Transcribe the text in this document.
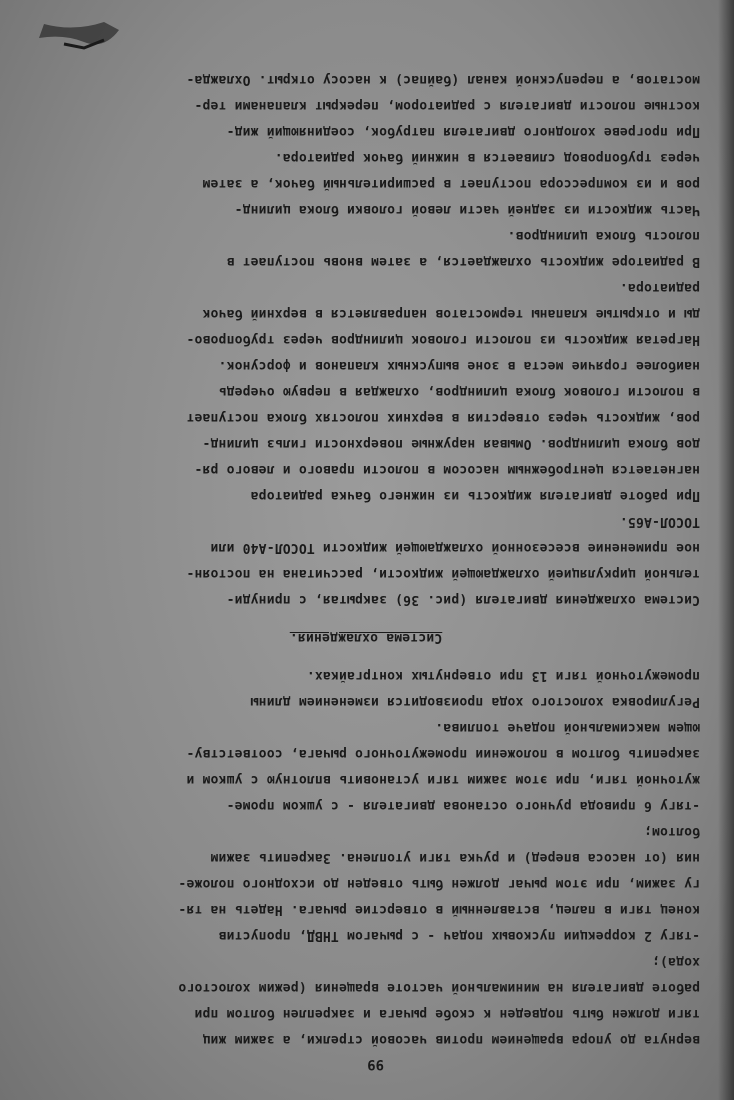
99
вернута до упора вращением против часовой стрелки, а зажим жиц
тяги должен быть подведен к скобе рычага и закреплен болтом при
работе двигателя на минимальной частоте вращения (режим холостого
хода);
-тягу 2 коррекции пусковых подач - с рычагом ТНВД, пропустив
конец тяги в палец, вставленный в отверстие рычага. Надеть на тя-
гу зажим, при этом рычаг должен быть отведен до исходного положе-
ния (от насоса вперед) и ручка тяги утоплена. Закрепить зажим
болтом;
-тягу 6 привода ручного останова двигателя - с ушком проме-
жуточной тяги, при этом зажим тяги установить вплотную с ушком и
закрепить болтом в положении промежуточного рычага, соответству-
ющем максимальной подаче топлива.
Регулировка холостого хода производится изменением длины
промежуточной тяги 13 при отвернутых контргайках.
Система охлаждения.
Система охлаждения двигателя (рис. 36) закрытая, с принуди-
тельной циркуляцией охлаждающей жидкости, рассчитана на постоян-
ное применение всесезонной охлаждающей жидкости ТОСОЛ-А40 или
ТОСОЛ-А65.
При работе двигателя жидкость из нижнего бачка радиатора
нагнетается центробежным насосом в полости правого и левого ря-
дов блока цилиндров. Омывая наружные поверхности гильз цилинд-
ров, жидкость через отверстия в верхних полостях блока поступает
в полости головок блока цилиндров, охлаждая в первую очередь
наиболее горячие места в зоне выпускных клапанов и форсунок.
Нагретая жидкость из полости головок цилиндров через трубопрово-
ды и открытые клапаны термостатов направляется в верхний бачок
радиатора.
В радиаторе жидкость охлаждается, а затем вновь поступает в
полость блока цилиндров.
Часть жидкости из задней части левой головки блока цилинд-
ров и из компрессора поступает в расширительный бачок, а затем
через трубопровод сливается в нижний бачок радиатора.
При прогреве холодного двигателя патрубок, соединяющий жид-
костные полости двигателя с радиатором, перекрыт клапанами тер-
мостатов, а перепускной канал (байпас) к насосу открыт. Охлажда-
